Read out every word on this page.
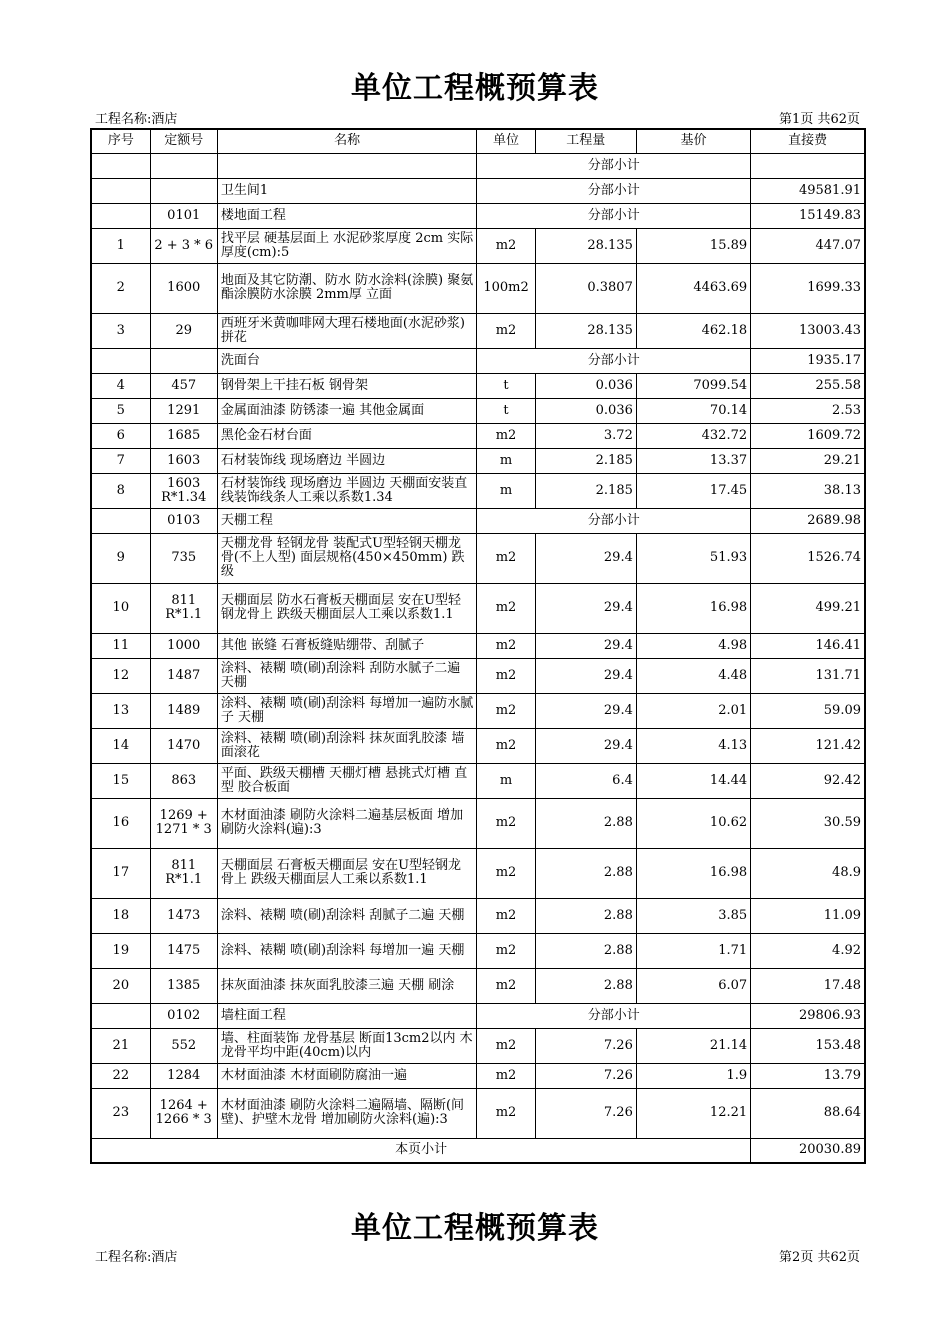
单位工程概预算表
工程名称:酒店	第1页 共62页
序号	定额号	名称	单位	工程量	基价	直接费
			分部小计			
		卫生间1	分部小计			49581.91
	0101	楼地面工程	分部小计			15149.83
1	2 + 3 * 6	找平层 硬基层面上 水泥砂浆厚度 2cm 实际厚度(cm):5	m2	28.135	15.89	447.07
2	1600	地面及其它防潮、防水 防水涂料(涂膜) 聚氨酯涂膜防水涂膜 2mm厚 立面	100m2	0.3807	4463.69	1699.33
3	29	西班牙米黄咖啡网大理石楼地面(水泥砂浆) 拼花	m2	28.135	462.18	13003.43
		洗面台	分部小计			1935.17
4	457	钢骨架上干挂石板 钢骨架	t	0.036	7099.54	255.58
5	1291	金属面油漆 防锈漆一遍 其他金属面	t	0.036	70.14	2.53
6	1685	黑伦金石材台面	m2	3.72	432.72	1609.72
7	1603	石材装饰线 现场磨边 半圆边	m	2.185	13.37	29.21
8	1603 R*1.34	石材装饰线 现场磨边 半圆边 天棚面安装直线装饰线条人工乘以系数1.34	m	2.185	17.45	38.13
	0103	天棚工程	分部小计			2689.98
9	735	天棚龙骨 轻钢龙骨 装配式U型轻钢天棚龙骨(不上人型) 面层规格(450×450mm) 跌级	m2	29.4	51.93	1526.74
10	811 R*1.1	天棚面层 防水石膏板天棚面层 安在U型轻钢龙骨上 跌级天棚面层人工乘以系数1.1	m2	29.4	16.98	499.21
11	1000	其他 嵌缝 石膏板缝贴绷带、刮腻子	m2	29.4	4.98	146.41
12	1487	涂料、裱糊 喷(刷)刮涂料 刮防水腻子二遍 天棚	m2	29.4	4.48	131.71
13	1489	涂料、裱糊 喷(刷)刮涂料 每增加一遍防水腻子 天棚	m2	29.4	2.01	59.09
14	1470	涂料、裱糊 喷(刷)刮涂料 抹灰面乳胶漆 墙面滚花	m2	29.4	4.13	121.42
15	863	平面、跌级天棚槽 天棚灯槽 悬挑式灯槽 直型 胶合板面	m	6.4	14.44	92.42
16	1269 + 1271 * 3	木材面油漆 刷防火涂料二遍基层板面 增加刷防火涂料(遍):3	m2	2.88	10.62	30.59
17	811 R*1.1	天棚面层 石膏板天棚面层 安在U型轻钢龙骨上 跌级天棚面层人工乘以系数1.1	m2	2.88	16.98	48.9
18	1473	涂料、裱糊 喷(刷)刮涂料 刮腻子二遍 天棚	m2	2.88	3.85	11.09
19	1475	涂料、裱糊 喷(刷)刮涂料 每增加一遍 天棚	m2	2.88	1.71	4.92
20	1385	抹灰面油漆 抹灰面乳胶漆三遍 天棚 刷涂	m2	2.88	6.07	17.48
	0102	墙柱面工程	分部小计			29806.93
21	552	墙、柱面装饰 龙骨基层 断面13cm2以内 木龙骨平均中距(40cm)以内	m2	7.26	21.14	153.48
22	1284	木材面油漆 木材面刷防腐油一遍	m2	7.26	1.9	13.79
23	1264 + 1266 * 3	木材面油漆 刷防火涂料二遍隔墙、隔断(间壁)、护壁木龙骨 增加刷防火涂料(遍):3	m2	7.26	12.21	88.64
本页小计						20030.89
单位工程概预算表
工程名称:酒店	第2页 共62页
